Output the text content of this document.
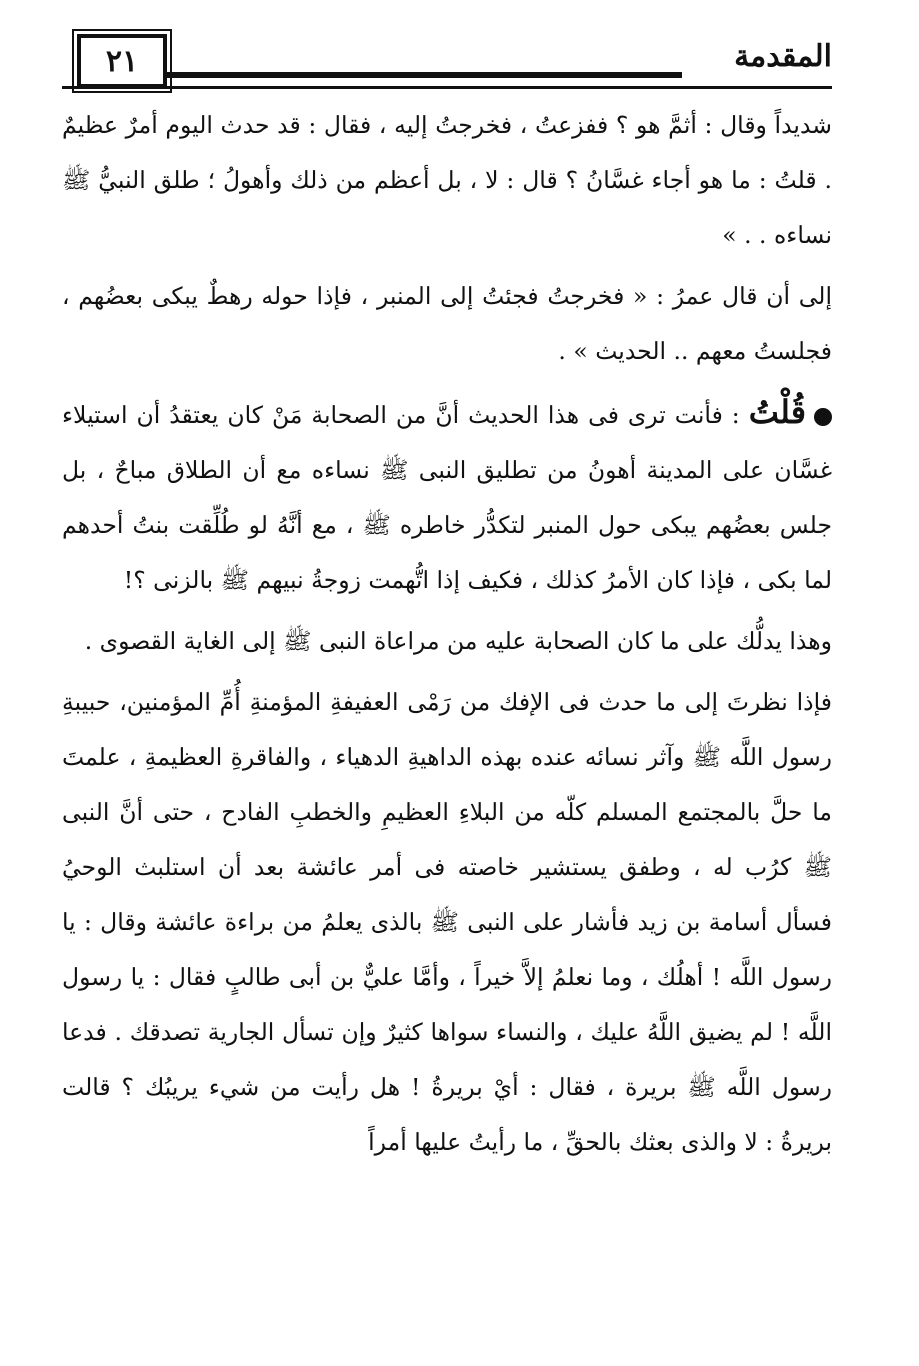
المقدمة
٢١

شديداً وقال : أثمَّ هو ؟ ففزعتُ ، فخرجتُ إليه ، فقال : قد حدث اليوم أمرٌ عظيمٌ . قلتُ : ما هو أجاء غسَّانُ ؟ قال : لا ، بل أعظم من ذلك وأهولُ ؛ طلق النبيُّ ﷺ نساءه . . »

إلى أن قال عمرُ : « فخرجتُ فجئتُ إلى المنبر ، فإذا حوله رهطٌ يبكى بعضُهم ، فجلستُ معهم .. الحديث » .

قُلْتُ : فأنت ترى فى هذا الحديث أنَّ من الصحابة مَنْ كان يعتقدُ أن استيلاء غسَّان على المدينة أهونُ من تطليق النبى ﷺ نساءه مع أن الطلاق مباحٌ ، بل جلس بعضُهم يبكى حول المنبر لتكدُّر خاطره ﷺ ، مع أنَّهُ لو طُلِّقت بنتُ أحدهم لما بكى ، فإذا كان الأمرُ كذلك ، فكيف إذا اتُّهمت زوجةُ نبيهم ﷺ بالزنى ؟!

وهذا يدلُّك على ما كان الصحابة عليه من مراعاة النبى ﷺ إلى الغاية القصوى .

فإذا نظرتَ إلى ما حدث فى الإفك من رَمْى العفيفةِ المؤمنةِ أُمِّ المؤمنين، حبيبةِ رسول اللَّه ﷺ وآثر نسائه عنده بهذه الداهيةِ الدهياء ، والفاقرةِ العظيمةِ ، علمتَ ما حلَّ بالمجتمع المسلم كلّه من البلاءِ العظيمِ والخطبِ الفادح ، حتى أنَّ النبى ﷺ كرُب له ، وطفق يستشير خاصته فى أمر عائشة بعد أن استلبث الوحيُ فسأل أسامة بن زيد فأشار على النبى ﷺ بالذى يعلمُ من براءة عائشة وقال : يا رسول اللَّه ! أهلُك ، وما نعلمُ إلاَّ خيراً ، وأمَّا عليٌّ بن أبى طالبٍ فقال : يا رسول اللَّه ! لم يضيق اللَّهُ عليك ، والنساء سواها كثيرٌ وإن تسأل الجارية تصدقك . فدعا رسول اللَّه ﷺ بريرة ، فقال : أيْ بريرةُ ! هل رأيت من شيء يريبُك ؟ قالت بريرةُ : لا والذى بعثك بالحقِّ ، ما رأيتُ عليها أمراً
